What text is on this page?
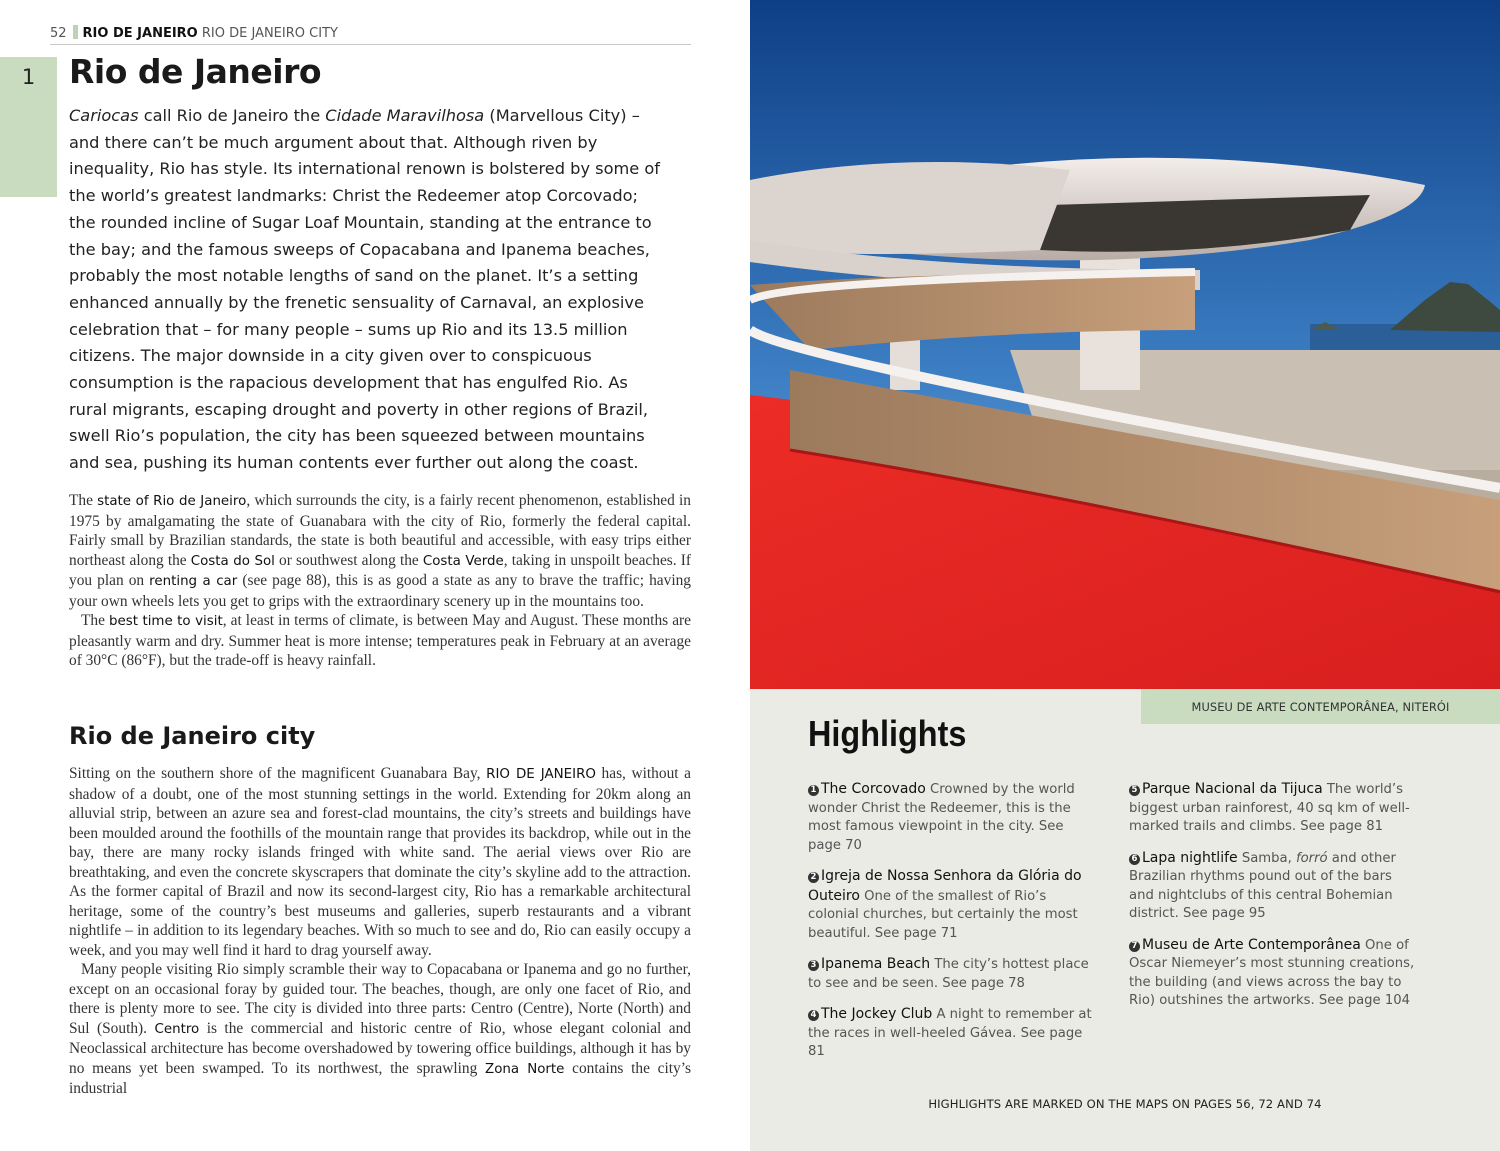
52 RIO DE JANEIRO RIO DE JANEIRO CITY
1	Rio de Janeiro

Cariocas call Rio de Janeiro the Cidade Maravilhosa (Marvellous City) – and there can’t be much argument about that. Although riven by inequality, Rio has style. Its international renown is bolstered by some of the world’s greatest landmarks: Christ the Redeemer atop Corcovado; the rounded incline of Sugar Loaf Mountain, standing at the entrance to the bay; and the famous sweeps of Copacabana and Ipanema beaches, probably the most notable lengths of sand on the planet. It’s a setting enhanced annually by the frenetic sensuality of Carnaval, an explosive celebration that – for many people – sums up Rio and its 13.5 million citizens. The major downside in a city given over to conspicuous consumption is the rapacious development that has engulfed Rio. As rural migrants, escaping drought and poverty in other regions of Brazil, swell Rio’s population, the city has been squeezed between mountains and sea, pushing its human contents ever further out along the coast.

The state of Rio de Janeiro, which surrounds the city, is a fairly recent phenomenon, established in 1975 by amalgamating the state of Guanabara with the city of Rio, formerly the federal capital. Fairly small by Brazilian standards, the state is both beautiful and accessible, with easy trips either northeast along the Costa do Sol or southwest along the Costa Verde, taking in unspoilt beaches. If you plan on renting a car (see page 88), this is as good a state as any to brave the traffic; having your own wheels lets you get to grips with the extraordinary scenery up in the mountains too.

The best time to visit, at least in terms of climate, is between May and August. These months are pleasantly warm and dry. Summer heat is more intense; temperatures peak in February at an average of 30°C (86°F), but the trade-off is heavy rainfall.

Rio de Janeiro city

Sitting on the southern shore of the magnificent Guanabara Bay, RIO DE JANEIRO has, without a shadow of a doubt, one of the most stunning settings in the world. Extending for 20km along an alluvial strip, between an azure sea and forest-clad mountains, the city’s streets and buildings have been moulded around the foothills of the mountain range that provides its backdrop, while out in the bay, there are many rocky islands fringed with white sand. The aerial views over Rio are breathtaking, and even the concrete skyscrapers that dominate the city’s skyline add to the attraction. As the former capital of Brazil and now its second-largest city, Rio has a remarkable architectural heritage, some of the country’s best museums and galleries, superb restaurants and a vibrant nightlife – in addition to its legendary beaches. With so much to see and do, Rio can easily occupy a week, and you may well find it hard to drag yourself away.

Many people visiting Rio simply scramble their way to Copacabana or Ipanema and go no further, except on an occasional foray by guided tour. The beaches, though, are only one facet of Rio, and there is plenty more to see. The city is divided into three parts: Centro (Centre), Norte (North) and Sul (South). Centro is the commercial and historic centre of Rio, whose elegant colonial and Neoclassical architecture has become overshadowed by towering office buildings, although it has by no means yet been swamped. To its northwest, the sprawling Zona Norte contains the city’s industrial

MUSEU DE ARTE CONTEMPORÂNEA, NITERÓI
Highlights

1 The Corcovado Crowned by the world wonder Christ the Redeemer, this is the most famous viewpoint in the city. See page 70

2 Igreja de Nossa Senhora da Glória do Outeiro One of the smallest of Rio’s colonial churches, but certainly the most beautiful. See page 71

3 Ipanema Beach The city’s hottest place to see and be seen. See page 78

4 The Jockey Club A night to remember at the races in well-heeled Gávea. See page 81

5 Parque Nacional da Tijuca The world’s biggest urban rainforest, 40 sq km of well-marked trails and climbs. See page 81

6 Lapa nightlife Samba, forró and other Brazilian rhythms pound out of the bars and nightclubs of this central Bohemian district. See page 95

7 Museu de Arte Contemporânea One of Oscar Niemeyer’s most stunning creations, the building (and views across the bay to Rio) outshines the artworks. See page 104

HIGHLIGHTS ARE MARKED ON THE MAPS ON PAGES 56, 72 AND 74
